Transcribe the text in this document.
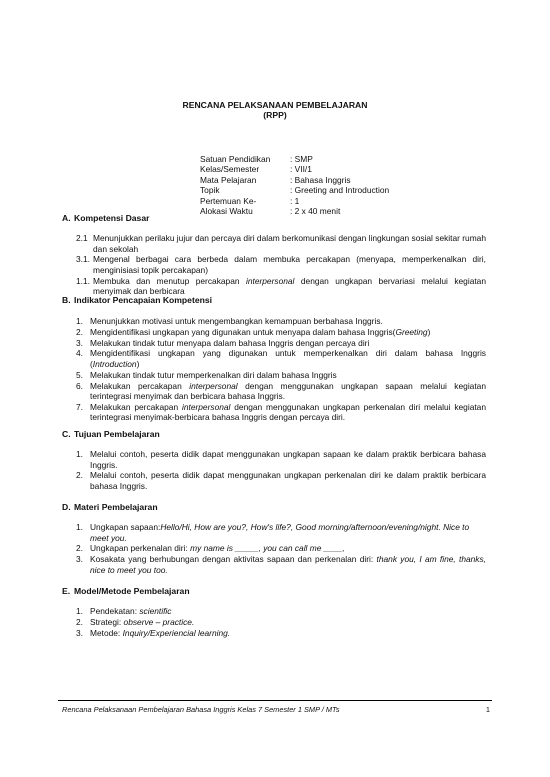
RENCANA PELAKSANAAN PEMBELAJARAN
(RPP)
Satuan Pendidikan	: SMP
Kelas/Semester	: VII/1
Mata Pelajaran	: Bahasa Inggris
Topik	: Greeting and Introduction
Pertemuan Ke-	: 1
Alokasi Waktu	: 2 x 40 menit
A. Kompetensi Dasar
2.1 Menunjukkan perilaku jujur dan percaya diri dalam berkomunikasi dengan lingkungan sosial sekitar rumah dan sekolah
3.1. Mengenal berbagai cara berbeda dalam membuka percakapan (menyapa, memperkenalkan diri, menginisiasi topik percakapan)
1.1. Membuka dan menutup percakapan interpersonal dengan ungkapan bervariasi melalui kegiatan menyimak dan berbicara
B. Indikator Pencapaian Kompetensi
1. Menunjukkan motivasi untuk mengembangkan kemampuan berbahasa Inggris.
2. Mengidentifikasi ungkapan yang digunakan untuk menyapa dalam bahasa Inggris(Greeting)
3. Melakukan tindak tutur menyapa dalam bahasa Inggris dengan percaya diri
4. Mengidentifikasi ungkapan yang digunakan untuk memperkenalkan diri dalam bahasa Inggris (Introduction)
5. Melakukan tindak tutur memperkenalkan diri dalam bahasa Inggris
6. Melakukan percakapan interpersonal dengan menggunakan ungkapan sapaan melalui kegiatan terintegrasi menyimak dan berbicara bahasa Inggris.
7. Melakukan percakapan interpersonal dengan menggunakan ungkapan perkenalan diri melalui kegiatan terintegrasi menyimak-berbicara bahasa Inggris dengan percaya diri.
C. Tujuan Pembelajaran
1. Melalui contoh, peserta didik dapat menggunakan ungkapan sapaan ke dalam praktik berbicara bahasa Inggris.
2. Melalui contoh, peserta didik dapat menggunakan ungkapan perkenalan diri ke dalam praktik berbicara bahasa Inggris.
D. Materi Pembelajaran
1. Ungkapan sapaan:Hello/Hi, How are you?, How's life?, Good morning/afternoon/evening/night. Nice to meet you.
2. Ungkapan perkenalan diri: my name is _____, you can call me ____,
3. Kosakata yang berhubungan dengan aktivitas sapaan dan perkenalan diri: thank you, I am fine, thanks, nice to meet you too.
E. Model/Metode Pembelajaran
1. Pendekatan: scientific
2. Strategi: observe – practice.
3. Metode: Inquiry/Experiencial learning.
Rencana Pelaksanaan Pembelajaran Bahasa Inggris Kelas 7 Semester 1 SMP / MTs	1
